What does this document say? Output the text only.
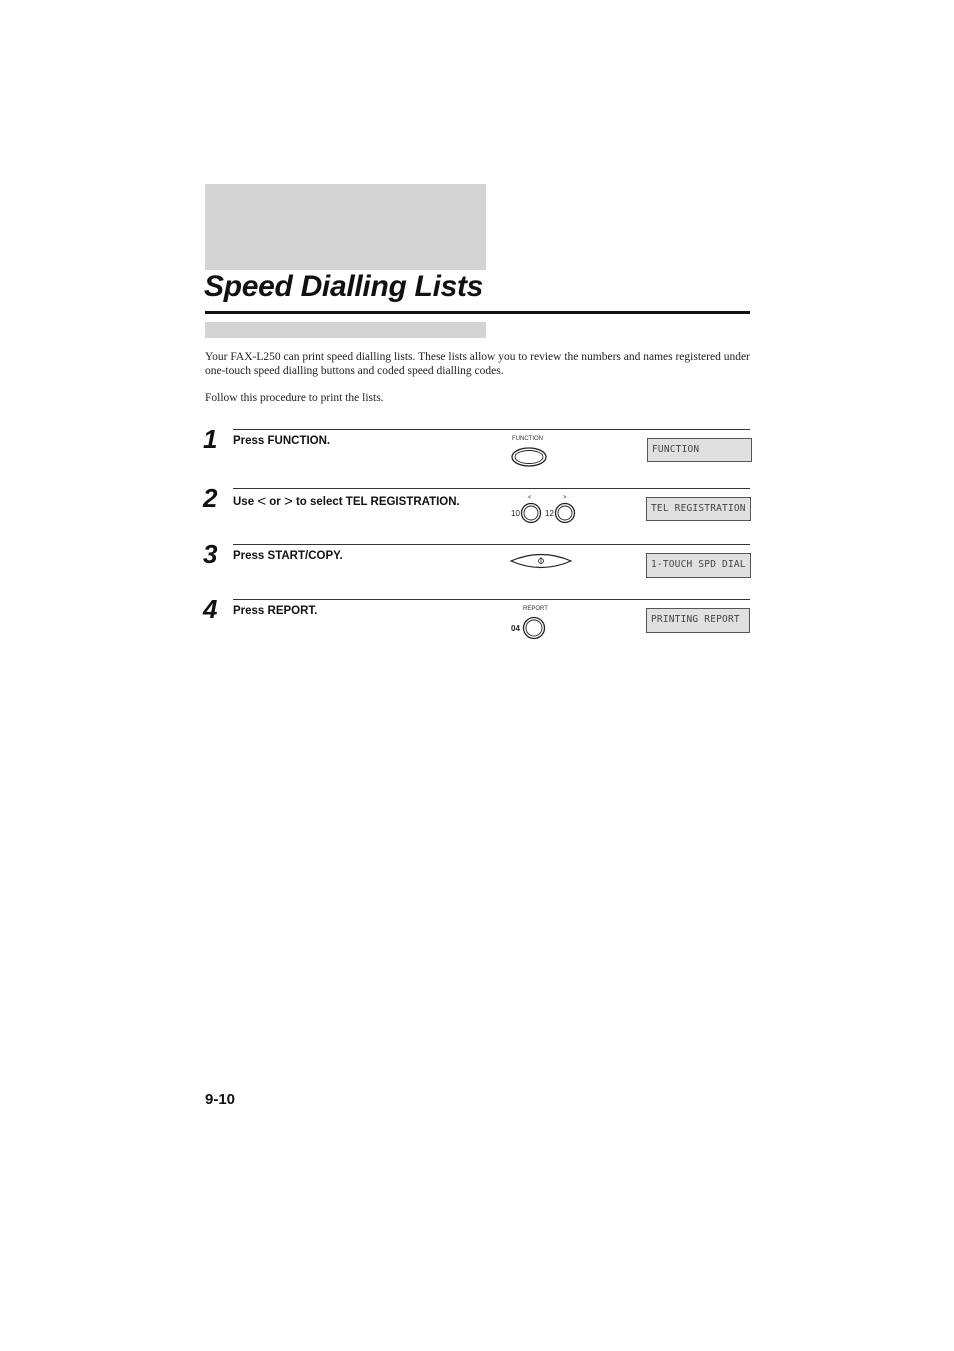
Speed Dialling Lists

Your FAX-L250 can print speed dialling lists. These lists allow you to review the numbers and names registered under one-touch speed dialling buttons and coded speed dialling codes.

Follow this procedure to print the lists.

1 Press FUNCTION.	FUNCTION
FUNCTION
2 Use < or > to select TEL REGISTRATION.	<	>
10	12	TEL REGISTRATION
3 Press START/COPY.
1-TOUCH SPD DIAL
4 Press REPORT.	REPORT
04
PRINTING REPORT
9-10
